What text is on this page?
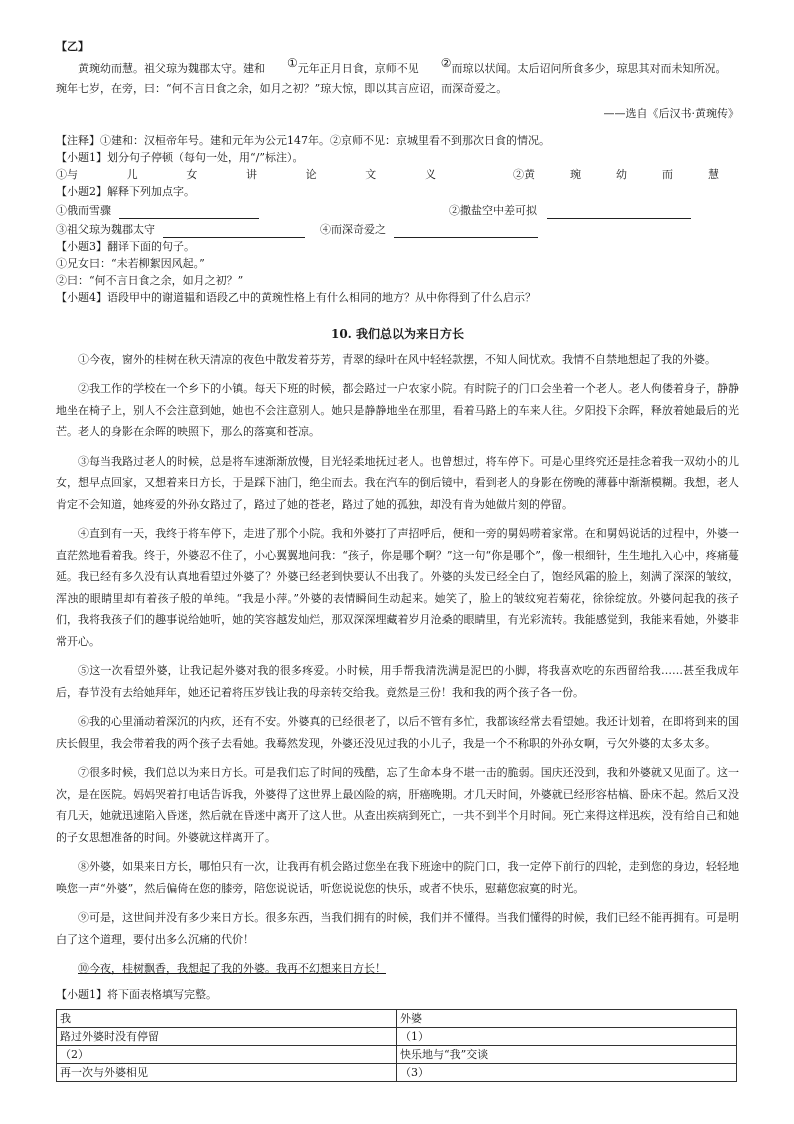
【乙】

黄琬幼而慧。祖父琼为魏郡太守。建和 ①元年正月日食，京师不见 ②而琼以状闻。太后诏问所食多少，琼思其对而未知所况。

琬年七岁，在旁，曰：“何不言日食之余，如月之初？”琼大惊，即以其言应诏，而深奇爱之。
——选自《后汉书·黄琬传》
【注释】①建和：汉桓帝年号。建和元年为公元147年。②京师不见：京城里看不到那次日食的情况。
【小题1】划分句子停顿（每句一处，用“/”标注）。
①与	儿	女	讲	论	文	义	②黄	琬	幼	而	慧
【小题2】解释下列加点字。
①俄而雪骤	②撒盐空中差可拟
③祖父琼为魏郡太守	④而深奇爱之
【小题3】翻译下面的句子。
①兄女曰：“未若柳絮因风起。”
②曰：“何不言日食之余，如月之初？”
【小题4】语段甲中的谢道韫和语段乙中的黄琬性格上有什么相同的地方？从中你得到了什么启示？
10. 我们总以为来日方长

①今夜，窗外的桂树在秋天清凉的夜色中散发着芬芳，青翠的绿叶在风中轻轻款摆，不知人间忧欢。我情不自禁地想起了我的外婆。

②我工作的学校在一个乡下的小镇。每天下班的时候，都会路过一户农家小院。有时院子的门口会坐着一个老人。老人佝偻着身子，静静地坐在椅子上，别人不会注意到她，她也不会注意别人。她只是静静地坐在那里，看着马路上的车来人往。夕阳投下余晖，释放着她最后的光芒。老人的身影在余晖的映照下，那么的落寞和苍凉。

③每当我路过老人的时候，总是将车速渐渐放慢，目光轻柔地抚过老人。也曾想过，将车停下。可是心里终究还是挂念着我一双幼小的儿女，想早点回家，又想着来日方长，于是踩下油门，绝尘而去。我在汽车的倒后镜中，看到老人的身影在傍晚的薄暮中渐渐模糊。我想，老人肯定不会知道，她疼爱的外孙女路过了，路过了她的苍老，路过了她的孤独，却没有肯为她做片刻的停留。

④直到有一天，我终于将车停下，走进了那个小院。我和外婆打了声招呼后，便和一旁的舅妈唠着家常。在和舅妈说话的过程中，外婆一直茫然地看着我。终于，外婆忍不住了，小心翼翼地问我：“孩子，你是哪个啊？”这一句“你是哪个”，像一根细针，生生地扎入心中，疼痛蔓延。我已经有多久没有认真地看望过外婆了？外婆已经老到快要认不出我了。外婆的头发已经全白了，饱经风霜的脸上，刻满了深深的皱纹，浑浊的眼睛里却有着孩子般的单纯。“我是小萍。”外婆的表情瞬间生动起来。她笑了，脸上的皱纹宛若菊花，徐徐绽放。外婆问起我的孩子们，我将我孩子们的趣事说给她听，她的笑容越发灿烂，那双深深埋藏着岁月沧桑的眼睛里，有光彩流转。我能感觉到，我能来看她，外婆非常开心。

⑤这一次看望外婆，让我记起外婆对我的很多疼爱。小时候，用手帮我清洗满是泥巴的小脚，将我喜欢吃的东西留给我……甚至我成年后，春节没有去给她拜年，她还记着将压岁钱让我的母亲转交给我。竟然是三份！我和我的两个孩子各一份。

⑥我的心里涌动着深沉的内疚，还有不安。外婆真的已经很老了，以后不管有多忙，我都该经常去看望她。我还计划着，在即将到来的国庆长假里，我会带着我的两个孩子去看她。我蓦然发现，外婆还没见过我的小儿子，我是一个不称职的外孙女啊，亏欠外婆的太多太多。

⑦很多时候，我们总以为来日方长。可是我们忘了时间的残酷，忘了生命本身不堪一击的脆弱。国庆还没到，我和外婆就又见面了。这一次，是在医院。妈妈哭着打电话告诉我，外婆得了这世界上最凶险的病，肝癌晚期。才几天时间，外婆就已经形容枯槁、卧床不起。然后又没有几天，她就迅速陷入昏迷，然后就在昏迷中离开了这人世。从查出疾病到死亡，一共不到半个月时间。死亡来得这样迅疾，没有给自己和她的子女思想准备的时间。外婆就这样离开了。

⑧外婆，如果来日方长，哪怕只有一次，让我再有机会路过您坐在我下班途中的院门口，我一定停下前行的四轮，走到您的身边，轻轻地唤您一声“外婆”，然后偏倚在您的膝旁，陪您说说话，听您说说您的快乐，或者不快乐，慰藉您寂寞的时光。

⑨可是，这世间并没有多少来日方长。很多东西，当我们拥有的时候，我们并不懂得。当我们懂得的时候，我们已经不能再拥有。可是明白了这个道理，要付出多么沉痛的代价！

⑩今夜，桂树飘香，我想起了我的外婆。我再不幻想来日方长！

【小题1】将下面表格填写完整。
我	外婆
路过外婆时没有停留	（1）
（2）	快乐地与“我”交谈
再一次与外婆相见	（3）
